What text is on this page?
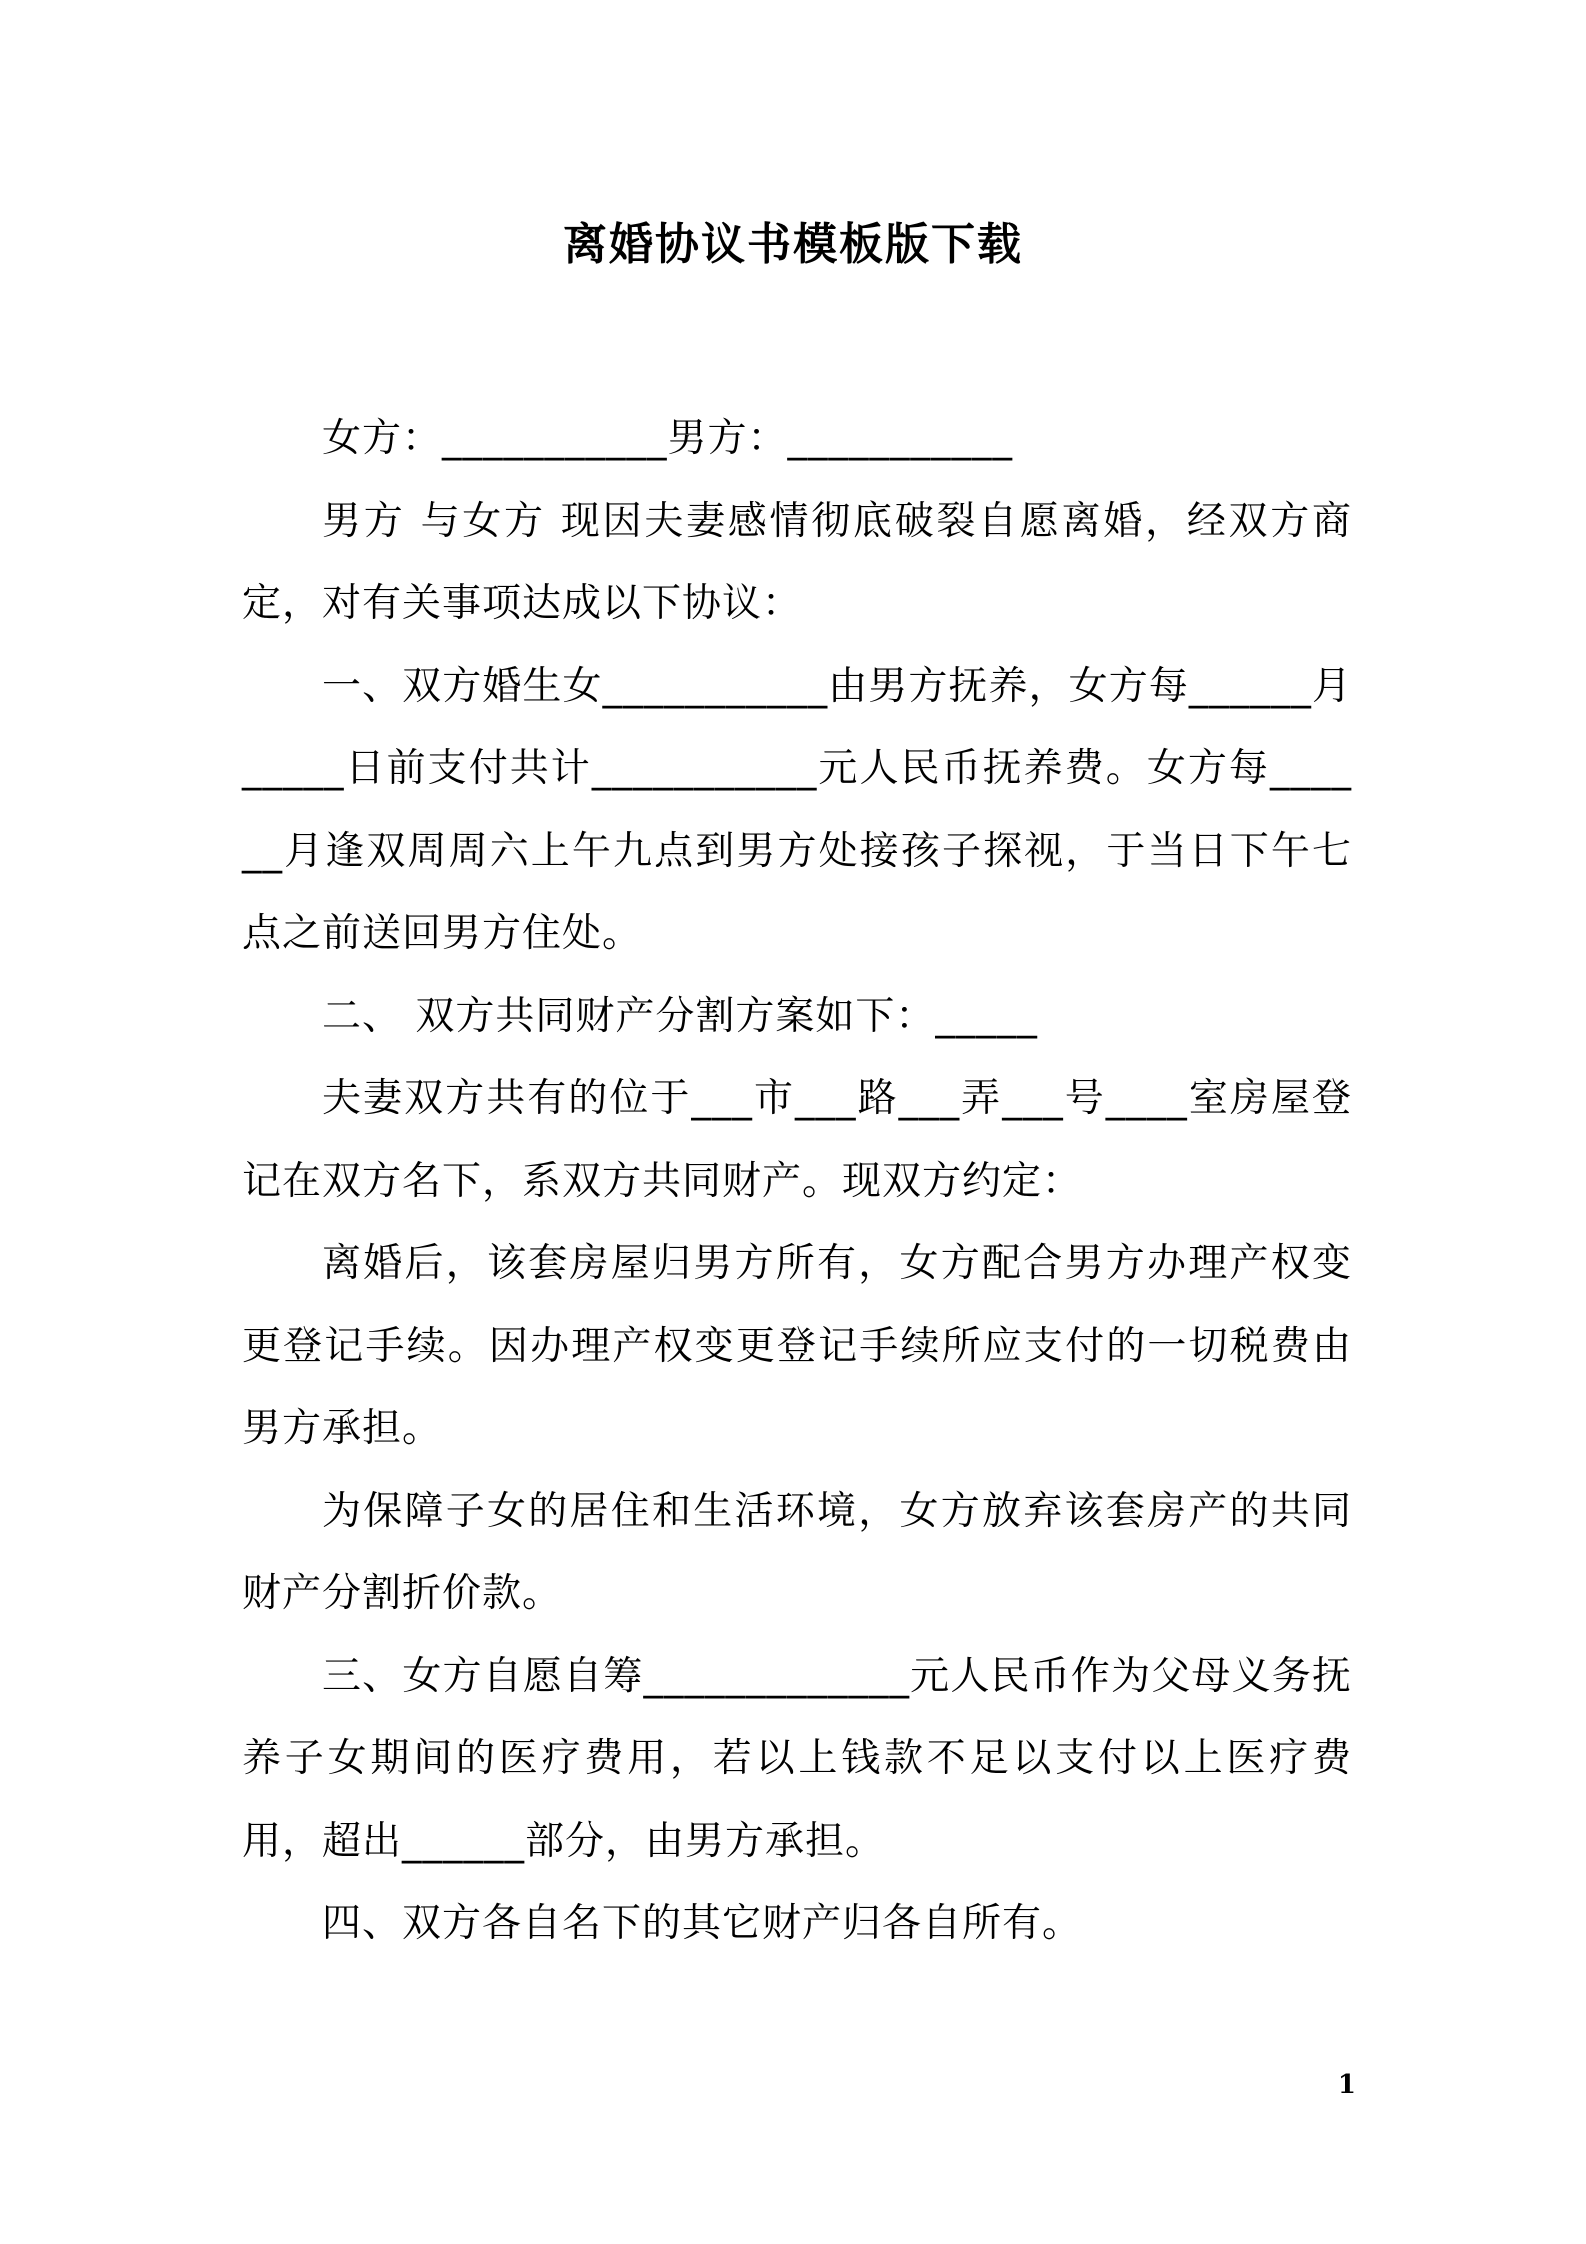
离婚协议书模板版下载

女方：___________男方：___________

男方 与女方 现因夫妻感情彻底破裂自愿离婚，经双方商定，对有关事项达成以下协议：

一、双方婚生女___________由男方抚养，女方每______月_____日前支付共计___________元人民币抚养费。女方每______月逢双周周六上午九点到男方处接孩子探视，于当日下午七点之前送回男方住处。

二、 双方共同财产分割方案如下：_____

夫妻双方共有的位于___市___路___弄___号____室房屋登记在双方名下，系双方共同财产。现双方约定：

离婚后，该套房屋归男方所有，女方配合男方办理产权变更登记手续。因办理产权变更登记手续所应支付的一切税费由男方承担。

为保障子女的居住和生活环境，女方放弃该套房产的共同财产分割折价款。

三、女方自愿自筹_____________元人民币作为父母义务抚养子女期间的医疗费用，若以上钱款不足以支付以上医疗费用，超出______部分，由男方承担。

四、双方各自名下的其它财产归各自所有。

1
